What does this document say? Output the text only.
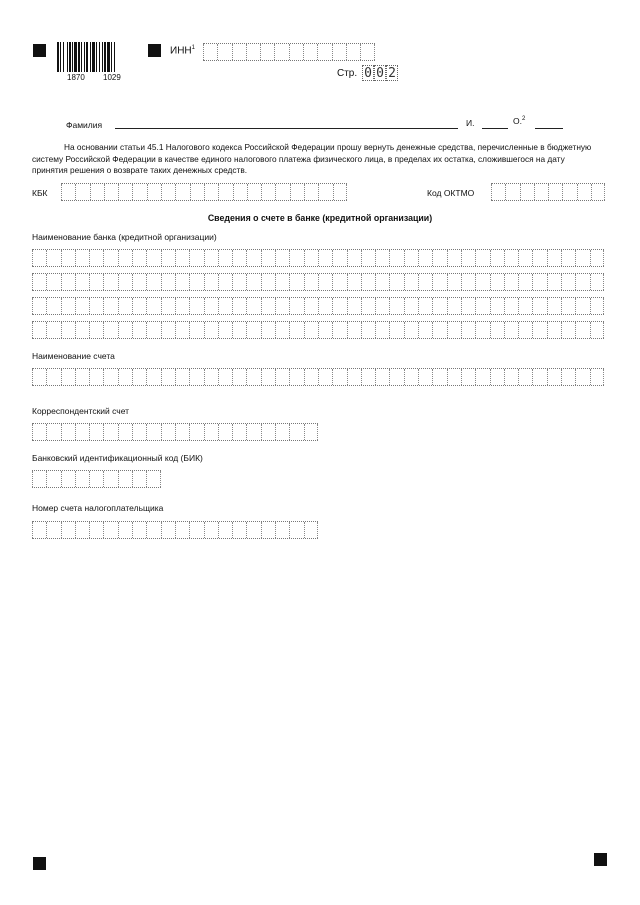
1870 1029
ИНН$^1$
Стр. 0 0 2
Фамилия	И.	О.$^2$
На основании статьи 45.1 Налогового кодекса Российской Федерации прошу вернуть денежные средства, перечисленные в бюджетную систему Российской Федерации в качестве единого налогового платежа физического лица, в пределах их остатка, сложившегося на дату принятия решения о возврате таких денежных средств.
КБК	Код ОКТМО
Сведения о счете в банке (кредитной организации)
Наименование банка (кредитной организации)
Наименование счета
Корреспондентский счет
Банковский идентификационный код (БИК)
Номер счета налогоплательщика
